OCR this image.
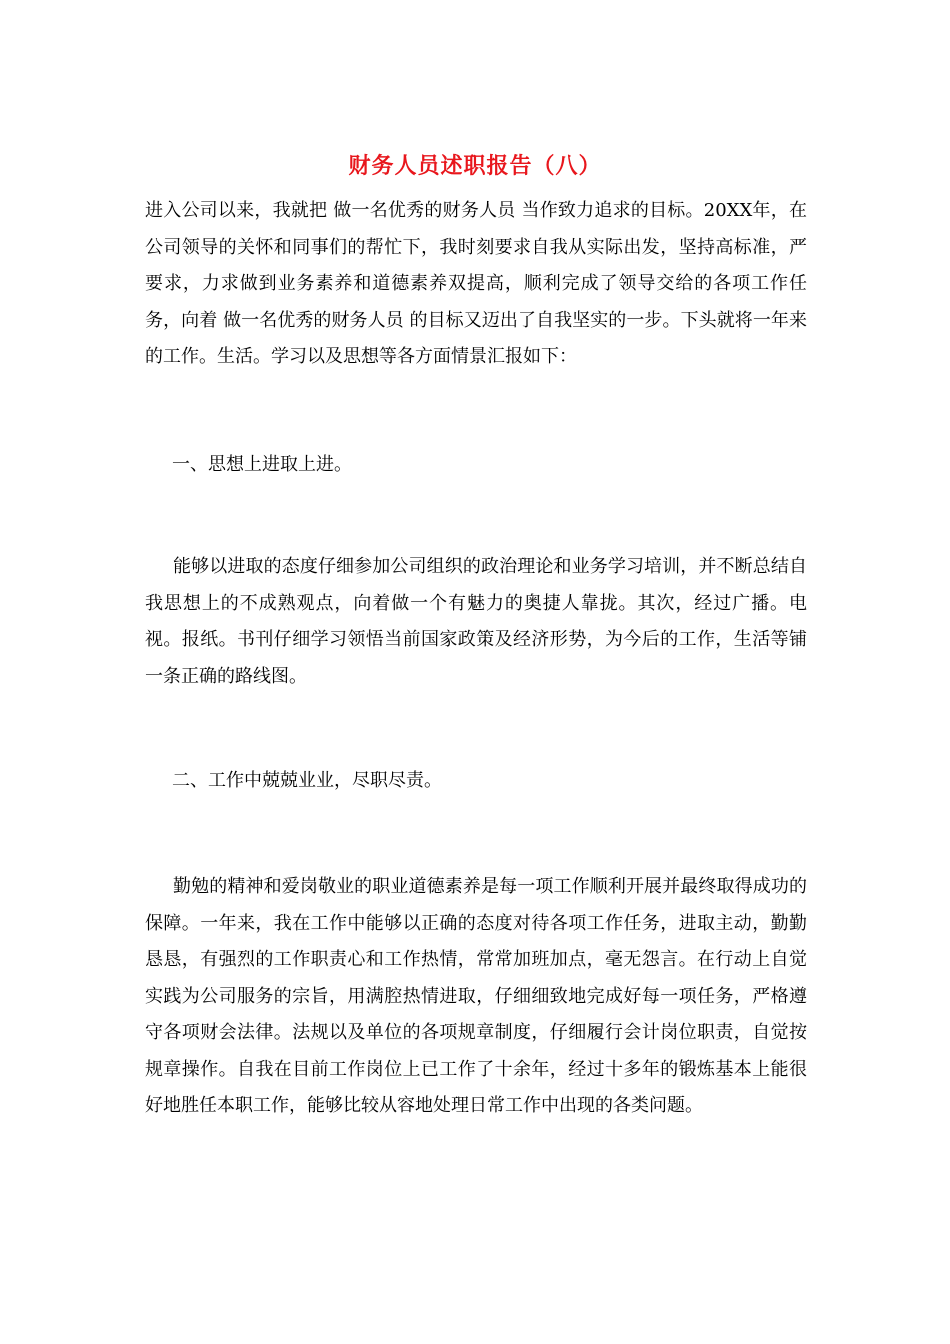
财务人员述职报告（八）

进入公司以来，我就把 做一名优秀的财务人员 当作致力追求的目标。20XX年，在公司领导的关怀和同事们的帮忙下，我时刻要求自我从实际出发，坚持高标准，严要求，力求做到业务素养和道德素养双提高，顺利完成了领导交给的各项工作任务，向着 做一名优秀的财务人员 的目标又迈出了自我坚实的一步。下头就将一年来的工作。生活。学习以及思想等各方面情景汇报如下：

一、思想上进取上进。

能够以进取的态度仔细参加公司组织的政治理论和业务学习培训，并不断总结自我思想上的不成熟观点，向着做一个有魅力的奥捷人靠拢。其次，经过广播。电视。报纸。书刊仔细学习领悟当前国家政策及经济形势，为今后的工作，生活等铺一条正确的路线图。

二、工作中兢兢业业，尽职尽责。

勤勉的精神和爱岗敬业的职业道德素养是每一项工作顺利开展并最终取得成功的保障。一年来，我在工作中能够以正确的态度对待各项工作任务，进取主动，勤勤恳恳，有强烈的工作职责心和工作热情，常常加班加点，毫无怨言。在行动上自觉实践为公司服务的宗旨，用满腔热情进取，仔细细致地完成好每一项任务，严格遵守各项财会法律。法规以及单位的各项规章制度，仔细履行会计岗位职责，自觉按规章操作。自我在目前工作岗位上已工作了十余年，经过十多年的锻炼基本上能很好地胜任本职工作，能够比较从容地处理日常工作中出现的各类问题。
